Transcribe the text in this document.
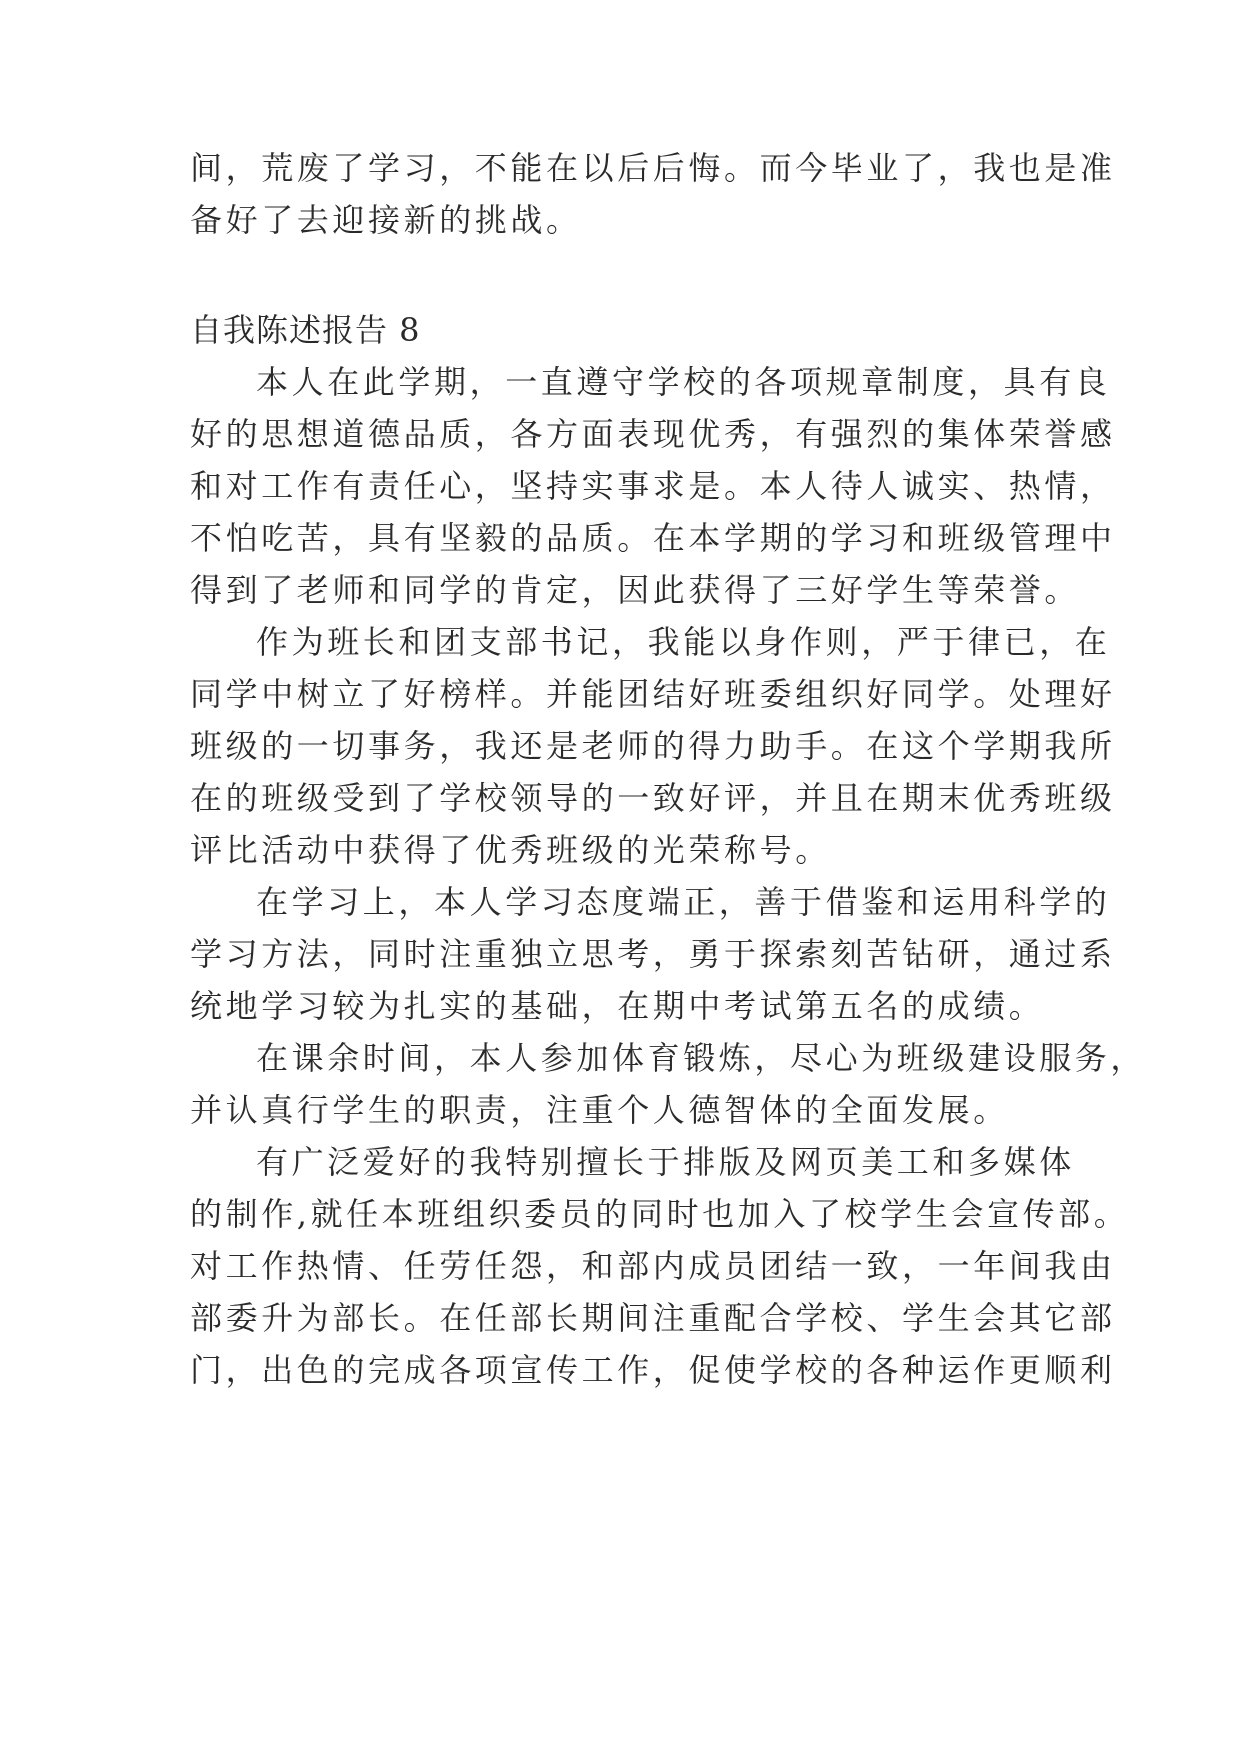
间，荒废了学习，不能在以后后悔。而今毕业了，我也是准
备好了去迎接新的挑战。
自我陈述报告 8
本人在此学期，一直遵守学校的各项规章制度，具有良
好的思想道德品质，各方面表现优秀，有强烈的集体荣誉感
和对工作有责任心，坚持实事求是。本人待人诚实、热情，
不怕吃苦，具有坚毅的品质。在本学期的学习和班级管理中
得到了老师和同学的肯定，因此获得了三好学生等荣誉。
作为班长和团支部书记，我能以身作则，严于律已，在
同学中树立了好榜样。并能团结好班委组织好同学。处理好
班级的一切事务，我还是老师的得力助手。在这个学期我所
在的班级受到了学校领导的一致好评，并且在期末优秀班级
评比活动中获得了优秀班级的光荣称号。
在学习上，本人学习态度端正，善于借鉴和运用科学的
学习方法，同时注重独立思考，勇于探索刻苦钻研，通过系
统地学习较为扎实的基础，在期中考试第五名的成绩。
在课余时间，本人参加体育锻炼，尽心为班级建设服务，
并认真行学生的职责，注重个人德智体的全面发展。
有广泛爱好的我特别擅长于排版及网页美工和多媒体
的制作,就任本班组织委员的同时也加入了校学生会宣传部。
对工作热情、任劳任怨，和部内成员团结一致，一年间我由
部委升为部长。在任部长期间注重配合学校、学生会其它部
门，出色的完成各项宣传工作，促使学校的各种运作更顺利
